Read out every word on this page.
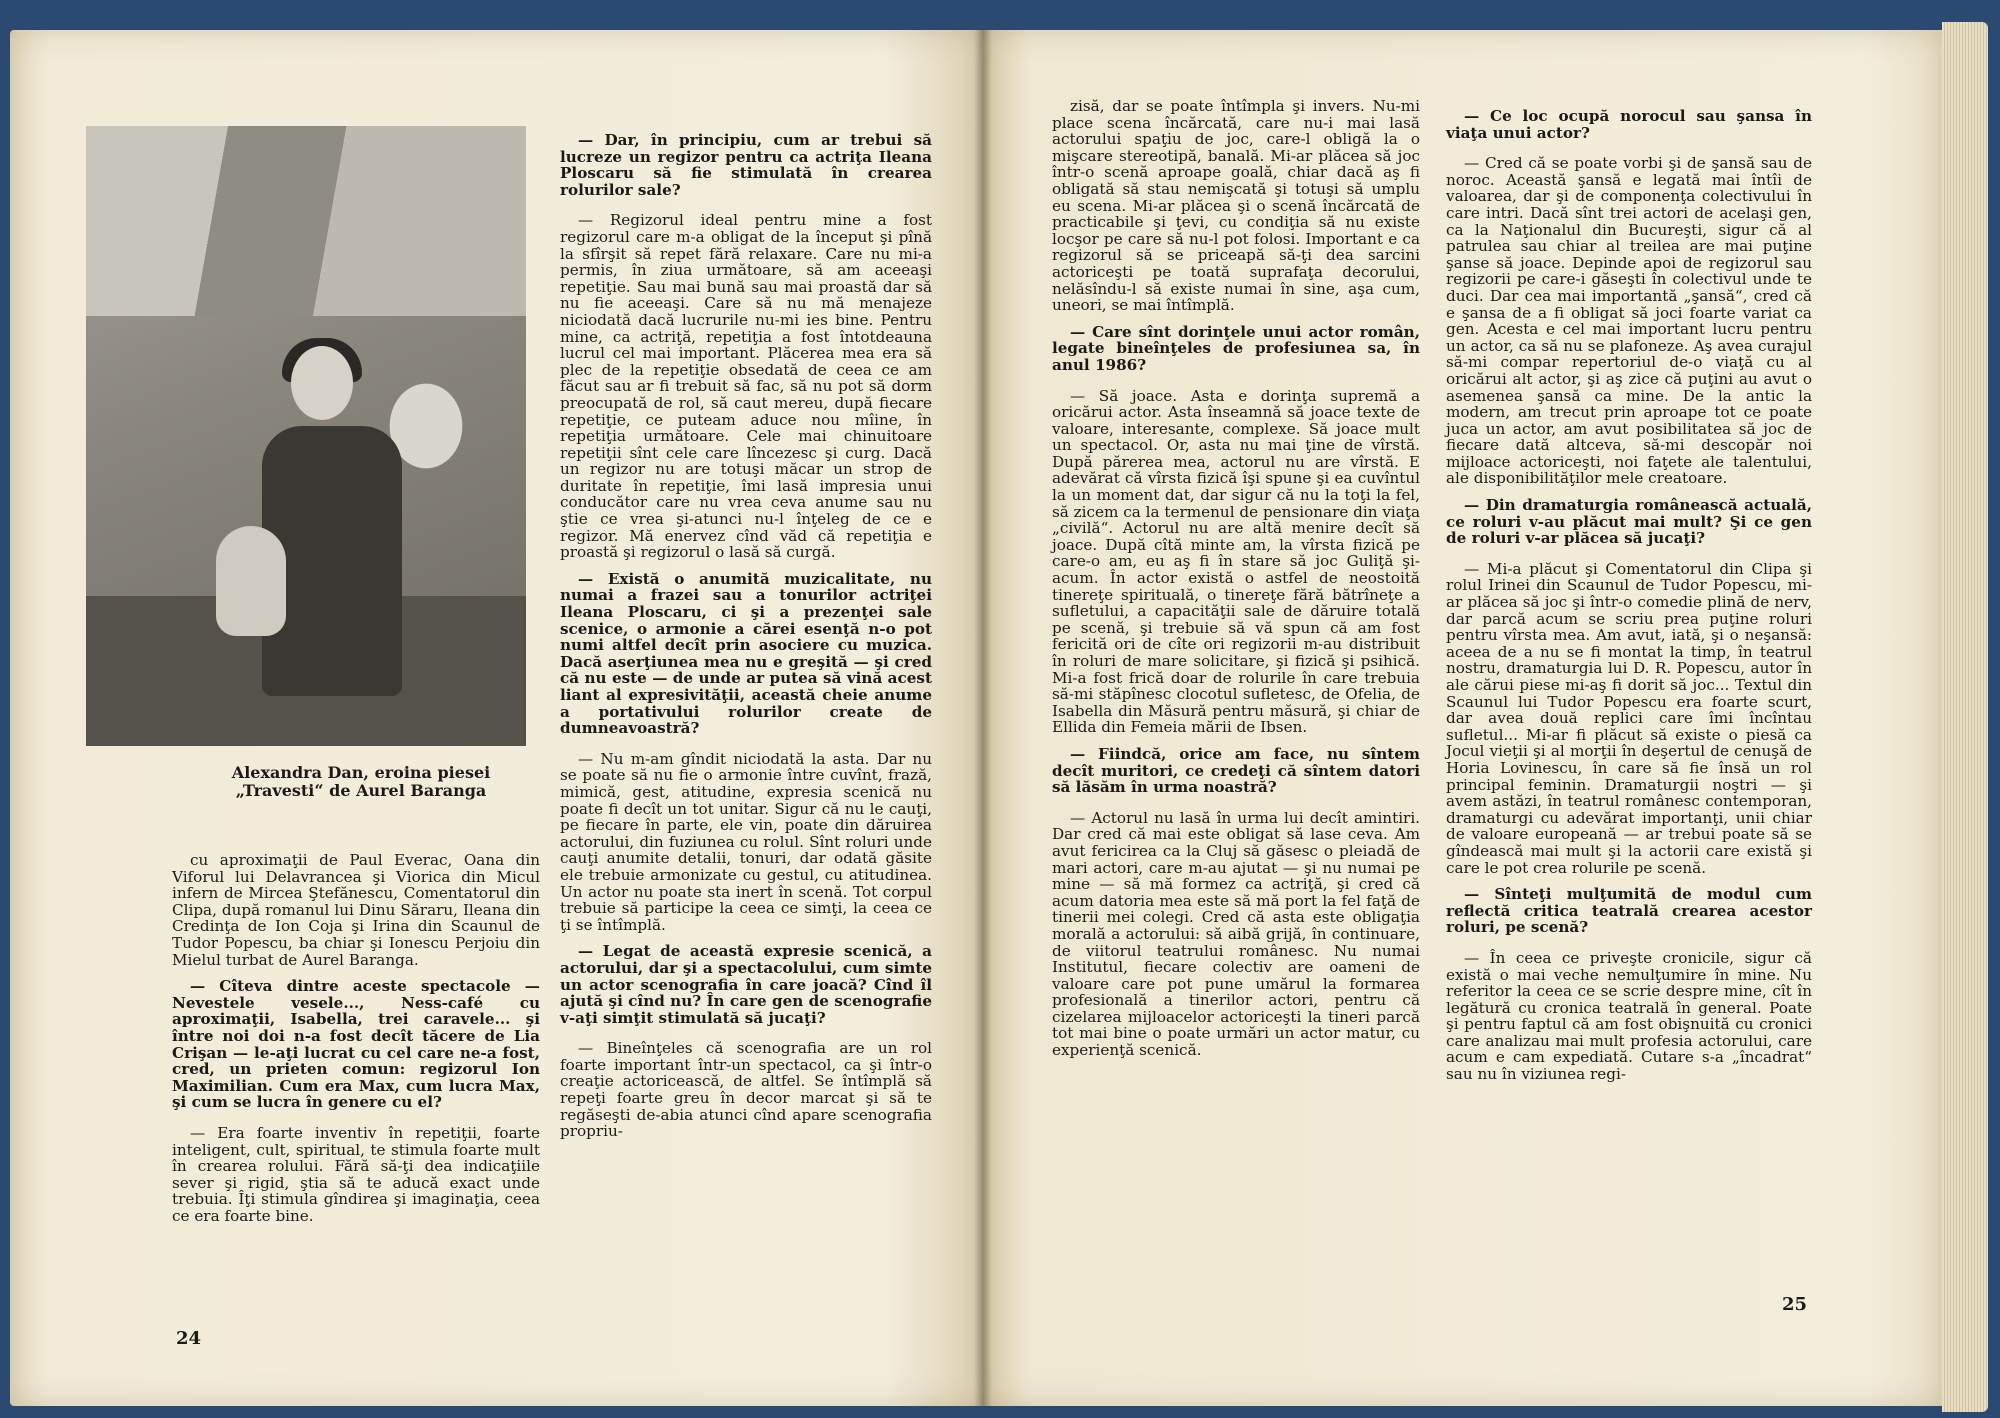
Alexandra Dan, eroina piesei „Travesti“ de Aurel Baranga

cu aproximaţii de Paul Everac, Oana din Viforul lui Delavrancea şi Viorica din Micul infern de Mircea Ştefănescu, Comentatorul din Clipa, după romanul lui Dinu Săraru, Ileana din Credinţa de Ion Coja şi Irina din Scaunul de Tudor Popescu, ba chiar şi Ionescu Perjoiu din Mielul turbat de Aurel Baranga.

— Cîteva dintre aceste spectacole — Nevestele vesele..., Ness-café cu aproximaţii, Isabella, trei caravele... şi între noi doi n-a fost decît tăcere de Lia Crişan — le-aţi lucrat cu cel care ne-a fost, cred, un prieten comun: regizorul Ion Maximilian. Cum era Max, cum lucra Max, şi cum se lucra în genere cu el?

— Era foarte inventiv în repetiţii, foarte inteligent, cult, spiritual, te stimula foarte mult în crearea rolului. Fără să-ţi dea indicaţiile sever şi rigid, ştia să te aducă exact unde trebuia. Îţi stimula gîndirea şi imaginaţia, ceea ce era foarte bine.

— Dar, în principiu, cum ar trebui să lucreze un regizor pentru ca actriţa Ileana Ploscaru să fie stimulată în crearea rolurilor sale?

— Regizorul ideal pentru mine a fost regizorul care m-a obligat de la început şi pînă la sfîrşit să repet fără relaxare. Care nu mi-a permis, în ziua următoare, să am aceeaşi repetiţie. Sau mai bună sau mai proastă dar să nu fie aceeaşi. Care să nu mă menajeze niciodată dacă lucrurile nu-mi ies bine. Pentru mine, ca actriţă, repetiţia a fost întotdeauna lucrul cel mai important. Plăcerea mea era să plec de la repetiţie obsedată de ceea ce am făcut sau ar fi trebuit să fac, să nu pot să dorm preocupată de rol, să caut mereu, după fiecare repetiţie, ce puteam aduce nou mîine, în repetiţia următoare. Cele mai chinuitoare repetiţii sînt cele care lîncezesc şi curg. Dacă un regizor nu are totuşi măcar un strop de duritate în repetiţie, îmi lasă impresia unui conducător care nu vrea ceva anume sau nu ştie ce vrea şi-atunci nu-l înţeleg de ce e regizor. Mă enervez cînd văd că repetiţia e proastă şi regizorul o lasă să curgă.

— Există o anumită muzicalitate, nu numai a frazei sau a tonurilor actriţei Ileana Ploscaru, ci şi a prezenţei sale scenice, o armonie a cărei esenţă n-o pot numi altfel decît prin asociere cu muzica. Dacă aserţiunea mea nu e greşită — şi cred că nu este — de unde ar putea să vină acest liant al expresivităţii, această cheie anume a portativului rolurilor create de dumneavoastră?

— Nu m-am gîndit niciodată la asta. Dar nu se poate să nu fie o armonie între cuvînt, frază, mimică, gest, atitudine, expresia scenică nu poate fi decît un tot unitar. Sigur că nu le cauţi, pe fiecare în parte, ele vin, poate din dăruirea actorului, din fuziunea cu rolul. Sînt roluri unde cauţi anumite detalii, tonuri, dar odată găsite ele trebuie armonizate cu gestul, cu atitudinea. Un actor nu poate sta inert în scenă. Tot corpul trebuie să participe la ceea ce simţi, la ceea ce ţi se întîmplă.

— Legat de această expresie scenică, a actorului, dar şi a spectacolului, cum simte un actor scenografia în care joacă? Cînd îl ajută şi cînd nu? În care gen de scenografie v-aţi simţit stimulată să jucaţi?

— Bineînţeles că scenografia are un rol foarte important într-un spectacol, ca şi într-o creaţie actoricească, de altfel. Se întîmplă să repeţi foarte greu în decor marcat şi să te regăseşti de-abia atunci cînd apare scenografia propriu-

zisă, dar se poate întîmpla şi invers. Nu-mi place scena încărcată, care nu-i mai lasă actorului spaţiu de joc, care-l obligă la o mişcare stereotipă, banală. Mi-ar plăcea să joc într-o scenă aproape goală, chiar dacă aş fi obligată să stau nemişcată şi totuşi să umplu eu scena. Mi-ar plăcea şi o scenă încărcată de practicabile şi ţevi, cu condiţia să nu existe locşor pe care să nu-l pot folosi. Important e ca regizorul să se priceapă să-ţi dea sarcini actoriceşti pe toată suprafaţa decorului, nelăsîndu-l să existe numai în sine, aşa cum, uneori, se mai întîmplă.

— Care sînt dorinţele unui actor român, legate bineînţeles de profesiunea sa, în anul 1986?

— Să joace. Asta e dorinţa supremă a oricărui actor. Asta înseamnă să joace texte de valoare, interesante, complexe. Să joace mult un spectacol. Or, asta nu mai ţine de vîrstă. După părerea mea, actorul nu are vîrstă. E adevărat că vîrsta fizică îşi spune şi ea cuvîntul la un moment dat, dar sigur că nu la toţi la fel, să zicem ca la termenul de pensionare din viaţa „civilă“. Actorul nu are altă menire decît să joace. După cîtă minte am, la vîrsta fizică pe care-o am, eu aş fi în stare să joc Guliţă şi-acum. În actor există o astfel de neostoită tinereţe spirituală, o tinereţe fără bătrîneţe a sufletului, a capacităţii sale de dăruire totală pe scenă, şi trebuie să vă spun că am fost fericită ori de cîte ori regizorii m-au distribuit în roluri de mare solicitare, şi fizică şi psihică. Mi-a fost frică doar de rolurile în care trebuia să-mi stăpînesc clocotul sufletesc, de Ofelia, de Isabella din Măsură pentru măsură, şi chiar de Ellida din Femeia mării de Ibsen.

— Fiindcă, orice am face, nu sîntem decît muritori, ce credeţi că sîntem datori să lăsăm în urma noastră?

— Actorul nu lasă în urma lui decît amintiri. Dar cred că mai este obligat să lase ceva. Am avut fericirea ca la Cluj să găsesc o pleiadă de mari actori, care m-au ajutat — şi nu numai pe mine — să mă formez ca actriţă, şi cred că acum datoria mea este să mă port la fel faţă de tinerii mei colegi. Cred că asta este obligaţia morală a actorului: să aibă grijă, în continuare, de viitorul teatrului românesc. Nu numai Institutul, fiecare colectiv are oameni de valoare care pot pune umărul la formarea profesională a tinerilor actori, pentru că cizelarea mijloacelor actoriceşti la tineri parcă tot mai bine o poate urmări un actor matur, cu experienţă scenică.

— Ce loc ocupă norocul sau şansa în viaţa unui actor?

— Cred că se poate vorbi şi de şansă sau de noroc. Această şansă e legată mai întîi de valoarea, dar şi de componenţa colectivului în care intri. Dacă sînt trei actori de acelaşi gen, ca la Naţionalul din Bucureşti, sigur că al patrulea sau chiar al treilea are mai puţine şanse să joace. Depinde apoi de regizorul sau regizorii pe care-i găseşti în colectivul unde te duci. Dar cea mai importantă „şansă“, cred că e şansa de a fi obligat să joci foarte variat ca gen. Acesta e cel mai important lucru pentru un actor, ca să nu se plafoneze. Aş avea curajul să-mi compar repertoriul de-o viaţă cu al oricărui alt actor, şi aş zice că puţini au avut o asemenea şansă ca mine. De la antic la modern, am trecut prin aproape tot ce poate juca un actor, am avut posibilitatea să joc de fiecare dată altceva, să-mi descopăr noi mijloace actoriceşti, noi faţete ale talentului, ale disponibilităţilor mele creatoare.

— Din dramaturgia românească actuală, ce roluri v-au plăcut mai mult? Şi ce gen de roluri v-ar plăcea să jucaţi?

— Mi-a plăcut şi Comentatorul din Clipa şi rolul Irinei din Scaunul de Tudor Popescu, mi-ar plăcea să joc şi într-o comedie plină de nerv, dar parcă acum se scriu prea puţine roluri pentru vîrsta mea. Am avut, iată, şi o neşansă: aceea de a nu se fi montat la timp, în teatrul nostru, dramaturgia lui D. R. Popescu, autor în ale cărui piese mi-aş fi dorit să joc... Textul din Scaunul lui Tudor Popescu era foarte scurt, dar avea două replici care îmi încîntau sufletul... Mi-ar fi plăcut să existe o piesă ca Jocul vieţii şi al morţii în deşertul de cenuşă de Horia Lovinescu, în care să fie însă un rol principal feminin. Dramaturgii noştri — şi avem astăzi, în teatrul românesc contemporan, dramaturgi cu adevărat importanţi, unii chiar de valoare europeană — ar trebui poate să se gîndească mai mult şi la actorii care există şi care le pot crea rolurile pe scenă.

— Sînteţi mulţumită de modul cum reflectă critica teatrală crearea acestor roluri, pe scenă?

— În ceea ce priveşte cronicile, sigur că există o mai veche nemulţumire în mine. Nu referitor la ceea ce se scrie despre mine, cît în legătură cu cronica teatrală în general. Poate şi pentru faptul că am fost obişnuită cu cronici care analizau mai mult profesia actorului, care acum e cam expediată. Cutare s-a „încadrat“ sau nu în viziunea regi-

24
25
